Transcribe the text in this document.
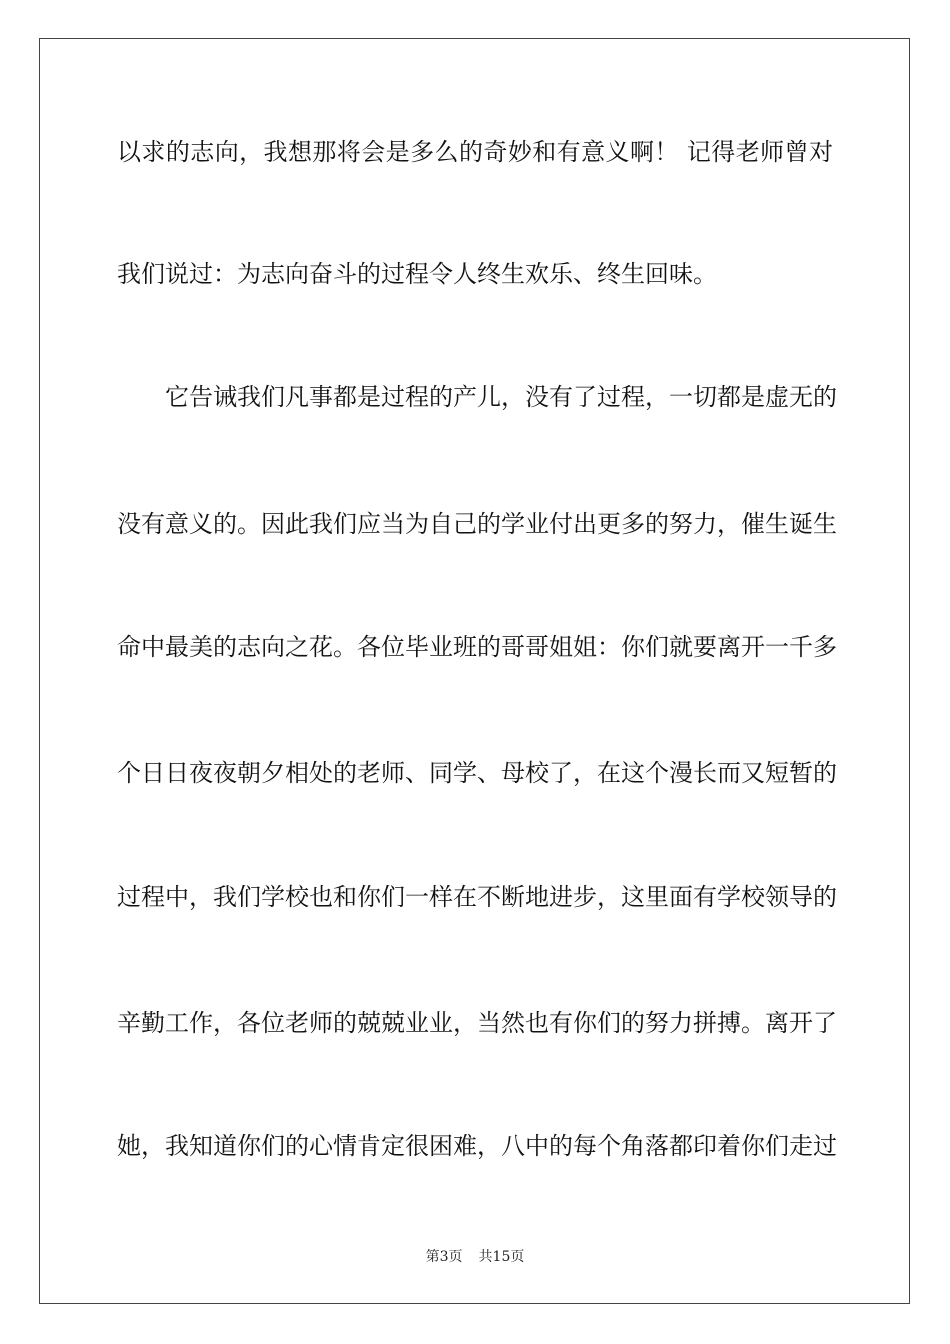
以求的志向，我想那将会是多么的奇妙和有意义啊！ 记得老师曾对
我们说过：为志向奋斗的过程令人终生欢乐、终生回味。
它告诫我们凡事都是过程的产儿，没有了过程，一切都是虚无的
没有意义的。因此我们应当为自己的学业付出更多的努力，催生诞生
命中最美的志向之花。各位毕业班的哥哥姐姐：你们就要离开一千多
个日日夜夜朝夕相处的老师、同学、母校了，在这个漫长而又短暂的
过程中，我们学校也和你们一样在不断地进步，这里面有学校领导的
辛勤工作，各位老师的兢兢业业，当然也有你们的努力拼搏。离开了
她，我知道你们的心情肯定很困难，八中的每个角落都印着你们走过
第3页 共15页
